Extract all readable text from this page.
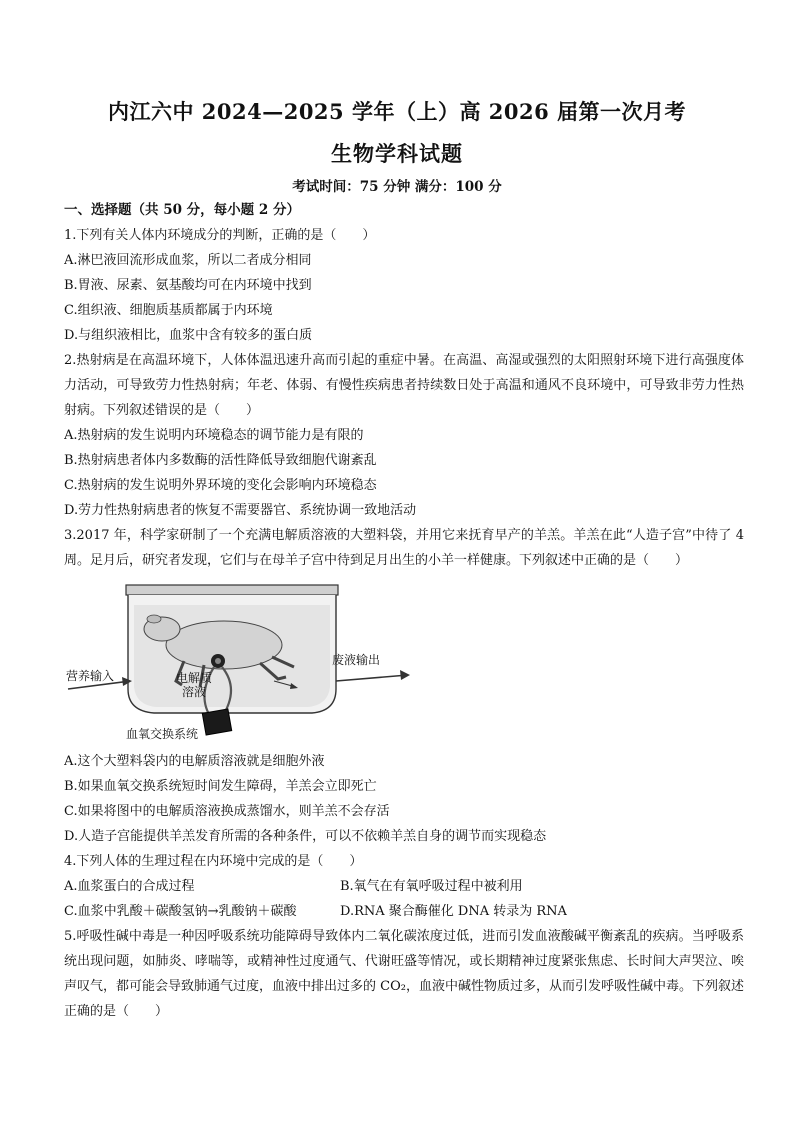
内江六中 2024—2025 学年（上）高 2026 届第一次月考
生物学科试题
考试时间：75 分钟 满分：100 分
一、选择题（共 50 分，每小题 2 分）
1.下列有关人体内环境成分的判断，正确的是（　　）
A.淋巴液回流形成血浆，所以二者成分相同
B.胃液、尿素、氨基酸均可在内环境中找到
C.组织液、细胞质基质都属于内环境
D.与组织液相比，血浆中含有较多的蛋白质
2.热射病是在高温环境下，人体体温迅速升高而引起的重症中暑。在高温、高湿或强烈的太阳照射环境下进行高强度体力活动，可导致劳力性热射病；年老、体弱、有慢性疾病患者持续数日处于高温和通风不良环境中，可导致非劳力性热射病。下列叙述错误的是（　　）
A.热射病的发生说明内环境稳态的调节能力是有限的
B.热射病患者体内多数酶的活性降低导致细胞代谢紊乱
C.热射病的发生说明外界环境的变化会影响内环境稳态
D.劳力性热射病患者的恢复不需要器官、系统协调一致地活动
3.2017 年，科学家研制了一个充满电解质溶液的大塑料袋，并用它来抚育早产的羊羔。羊羔在此“人造子宫”中待了 4 周。足月后，研究者发现，它们与在母羊子宫中待到足月出生的小羊一样健康。下列叙述中正确的是（　　）
电解质
溶液
废液输出
营养输入
血氧交换系统
A.这个大塑料袋内的电解质溶液就是细胞外液
B.如果血氧交换系统短时间发生障碍，羊羔会立即死亡
C.如果将图中的电解质溶液换成蒸馏水，则羊羔不会存活
D.人造子宫能提供羊羔发育所需的各种条件，可以不依赖羊羔自身的调节而实现稳态
4.下列人体的生理过程在内环境中完成的是（　　）
A.血浆蛋白的合成过程	B.氧气在有氧呼吸过程中被利用
C.血浆中乳酸＋碳酸氢钠→乳酸钠＋碳酸	D.RNA 聚合酶催化 DNA 转录为 RNA
5.呼吸性碱中毒是一种因呼吸系统功能障碍导致体内二氧化碳浓度过低，进而引发血液酸碱平衡紊乱的疾病。当呼吸系统出现问题，如肺炎、哮喘等，或精神性过度通气、代谢旺盛等情况，或长期精神过度紧张焦虑、长时间大声哭泣、唉声叹气，都可能会导致肺通气过度，血液中排出过多的 CO₂，血液中碱性物质过多，从而引发呼吸性碱中毒。下列叙述正确的是（　　）
